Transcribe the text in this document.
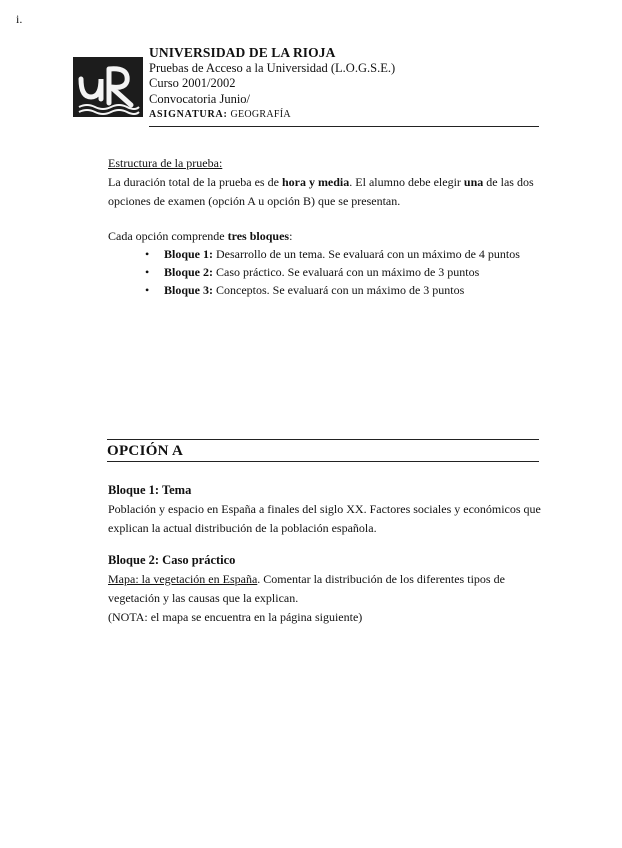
i.
UNIVERSIDAD DE LA RIOJA
Pruebas de Acceso a la Universidad (L.O.G.S.E.)
Curso 2001/2002
Convocatoria Junio/
ASIGNATURA: GEOGRAFÍA
Estructura de la prueba:
La duración total de la prueba es de hora y media. El alumno debe elegir una de las dos opciones de examen (opción A u opción B) que se presentan.
Cada opción comprende tres bloques:
• Bloque 1: Desarrollo de un tema. Se evaluará con un máximo de 4 puntos
• Bloque 2: Caso práctico. Se evaluará con un máximo de 3 puntos
• Bloque 3: Conceptos. Se evaluará con un máximo de 3 puntos
OPCIÓN A
Bloque 1: Tema
Población y espacio en España a finales del siglo XX. Factores sociales y económicos que explican la actual distribución de la población española.
Bloque 2: Caso práctico
Mapa: la vegetación en España. Comentar la distribución de los diferentes tipos de vegetación y las causas que la explican.
(NOTA: el mapa se encuentra en la página siguiente)
